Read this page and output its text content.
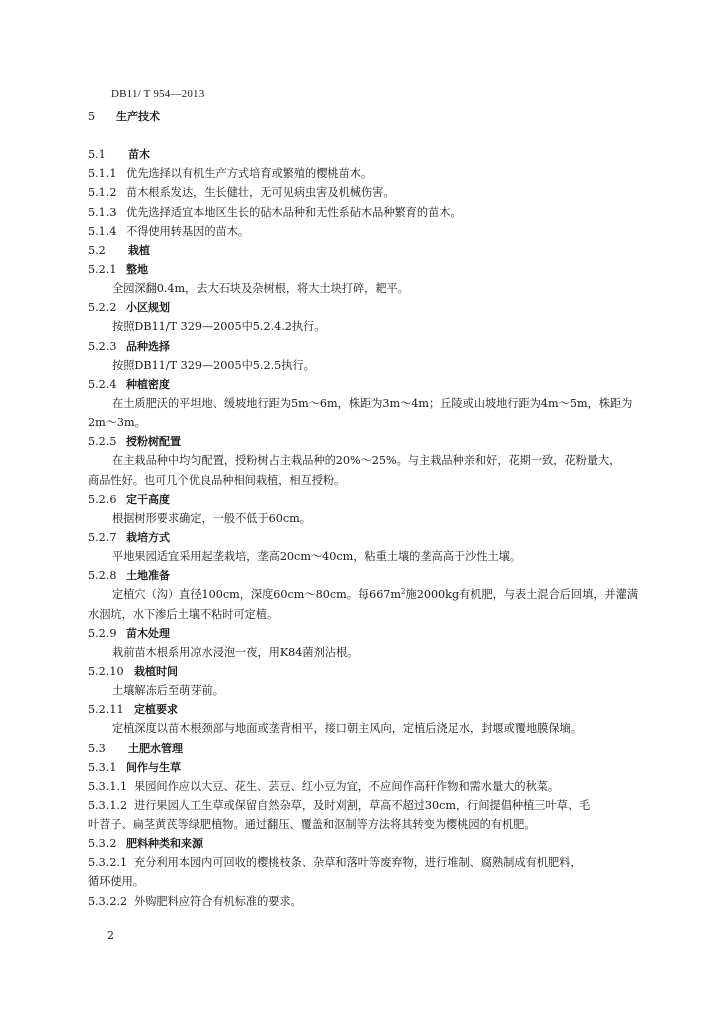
DB11/ T 954—2013
5 生产技术
5.1 苗木
5.1.1 优先选择以有机生产方式培育或繁殖的樱桃苗木。
5.1.2 苗木根系发达，生长健壮，无可见病虫害及机械伤害。
5.1.3 优先选择适宜本地区生长的砧木品种和无性系砧木品种繁育的苗木。
5.1.4 不得使用转基因的苗木。
5.2 栽植
5.2.1 整地
全园深翻0.4m，去大石块及杂树根，将大土块打碎，耙平。
5.2.2 小区规划
按照DB11/T 329—2005中5.2.4.2执行。
5.2.3 品种选择
按照DB11/T 329—2005中5.2.5执行。
5.2.4 种植密度
在土质肥沃的平坦地、缓坡地行距为5m～6m，株距为3m～4m；丘陵或山坡地行距为4m～5m，株距为
2m～3m。
5.2.5 授粉树配置
在主栽品种中均匀配置，授粉树占主栽品种的20%～25%。与主栽品种亲和好，花期一致，花粉量大，
商品性好。也可几个优良品种相间栽植，相互授粉。
5.2.6 定干高度
根据树形要求确定，一般不低于60cm。
5.2.7 栽培方式
平地果园适宜采用起垄栽培，垄高20cm～40cm，粘重土壤的垄高高于沙性土壤。
5.2.8 土地准备
定植穴（沟）直径100cm，深度60cm～80cm。每$667m^2$施2000kg有机肥，与表土混合后回填，并灌满
水洇坑，水下渗后土壤不粘时可定植。
5.2.9 苗木处理
栽前苗木根系用凉水浸泡一夜，用K84菌剂沾根。
5.2.10 栽植时间
土壤解冻后至萌芽前。
5.2.11 定植要求
定植深度以苗木根颈部与地面或垄背相平，接口朝主风向，定植后浇足水，封堰或覆地膜保墒。
5.3 土肥水管理
5.3.1 间作与生草
5.3.1.1 果园间作应以大豆、花生、芸豆、红小豆为宜，不应间作高秆作物和需水量大的秋菜。
5.3.1.2 进行果园人工生草或保留自然杂草，及时刈割，草高不超过30cm，行间提倡种植三叶草、毛
叶苕子、扁茎黄芪等绿肥植物。通过翻压、覆盖和沤制等方法将其转变为樱桃园的有机肥。
5.3.2 肥料种类和来源
5.3.2.1 充分利用本园内可回收的樱桃枝条、杂草和落叶等废弃物，进行堆制、腐熟制成有机肥料，
循环使用。
5.3.2.2 外购肥料应符合有机标准的要求。
2
